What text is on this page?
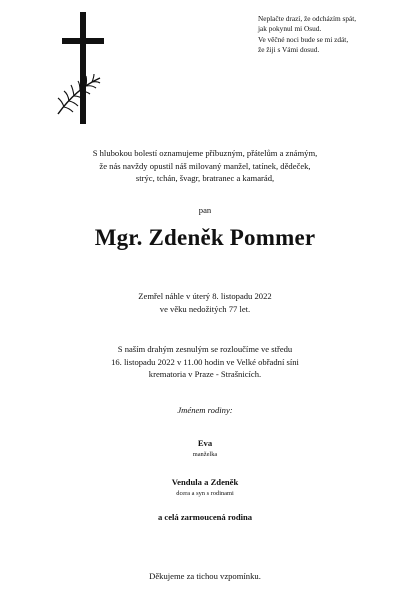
Neplačte drazí, že odcházím spát,
jak pokynul mi Osud.
Ve věčné noci bude se mi zdát,
že žiji s Vámi dosud.
S hlubokou bolestí oznamujeme příbuzným, přátelům a známým,
že nás navždy opustil náš milovaný manžel, tatínek, dědeček,
strýc, tchán, švagr, bratranec a kamarád,
pan
Mgr. Zdeněk Pommer
Zemřel náhle v úterý 8. listopadu 2022
ve věku nedožitých 77 let.
S naším drahým zesnulým se rozloučíme ve středu
16. listopadu 2022 v 11.00 hodin ve Velké obřadní síni
krematoria v Praze - Strašnicích.
Jménem rodiny:
Eva
manželka
Vendula a Zdeněk
dcera a syn s rodinami
a celá zarmoucená rodina
Děkujeme za tichou vzpomínku.
